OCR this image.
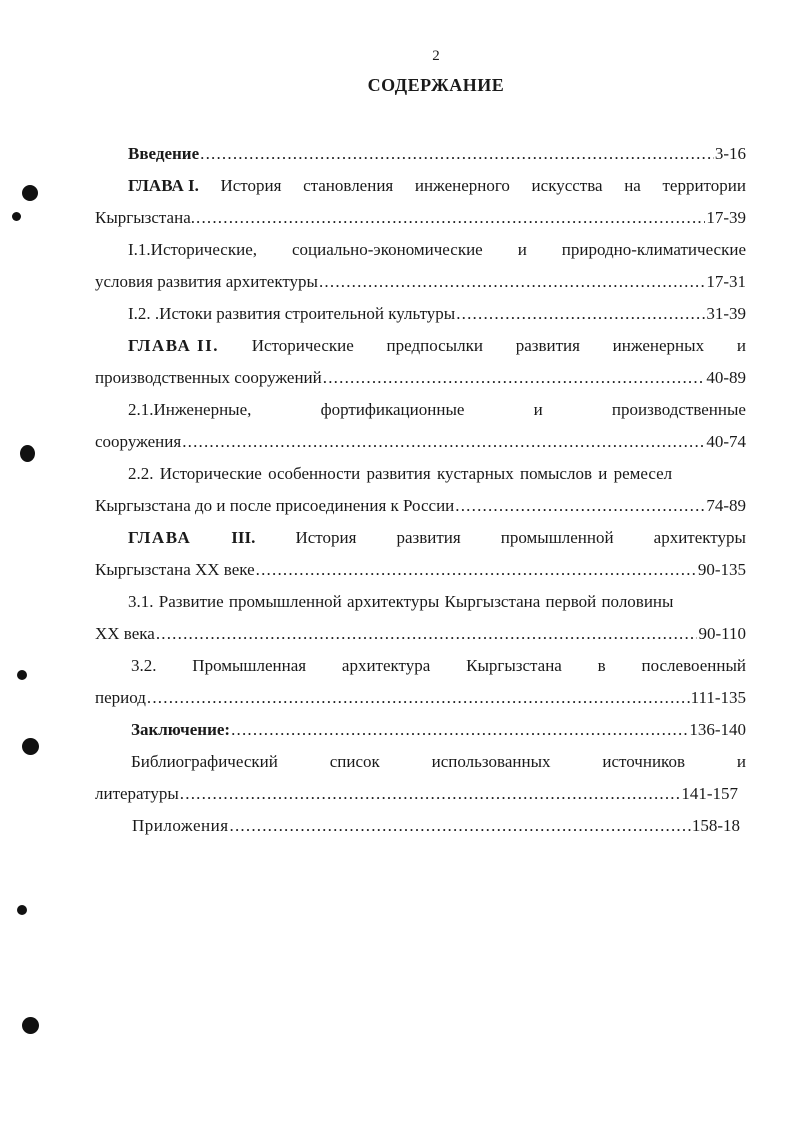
2
СОДЕРЖАНИЕ
Введение .....	3-16
ГЛАВА I. История становления инженерного искусства на территории
Кыргызстана. .....	17-39
I.1.Исторические, социально-экономические и природно-климатические
условия развития архитектуры .....	17-31
I.2. .Истоки развития строительной культуры .....	31-39
ГЛАВА II. Исторические предпосылки развития инженерных и
производственных сооружений .....	40-89
2.1.Инженерные,	фортификационные	и	производственные
сооружения .....	40-74
2.2. Исторические особенности развития кустарных помыслов и ремесел
Кыргызстана до и после присоединения к России .....	74-89
ГЛАВА III. История развития промышленной архитектуры
Кыргызстана XX веке .....	90-135
3.1. Развитие промышленной архитектуры Кыргызстана первой половины
XX века .....	90-110
3.2. Промышленная архитектура Кыргызстана в послевоенный
период .....	111-135
Заключение: .....	136-140
Библиографический	список	использованных	источников	и
литературы .....	141-157
Приложения .....	158-18
